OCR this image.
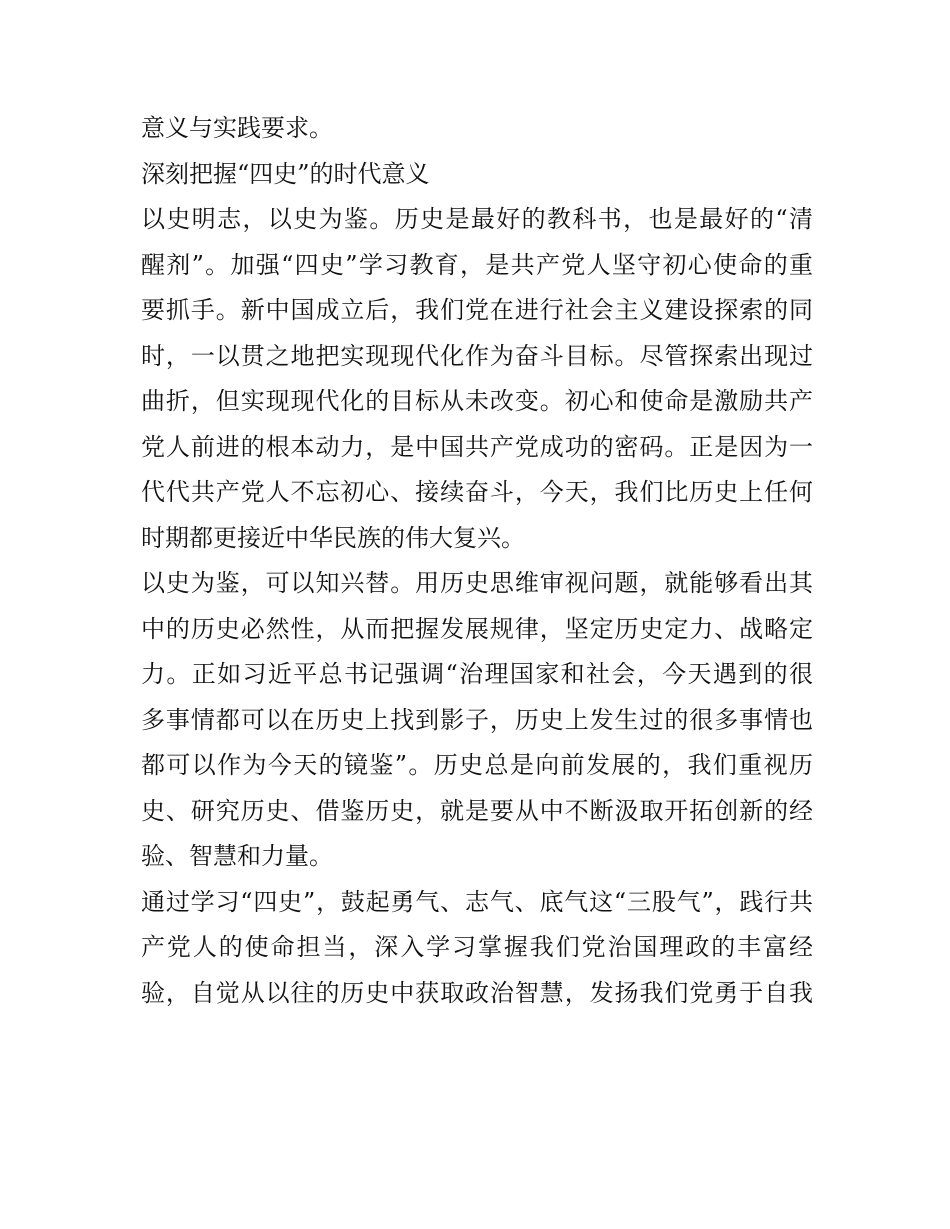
意义与实践要求。
深刻把握“四史”的时代意义
以史明志，以史为鉴。历史是最好的教科书，也是最好的“清
醒剂”。加强“四史”学习教育，是共产党人坚守初心使命的重
要抓手。新中国成立后，我们党在进行社会主义建设探索的同
时，一以贯之地把实现现代化作为奋斗目标。尽管探索出现过
曲折，但实现现代化的目标从未改变。初心和使命是激励共产
党人前进的根本动力，是中国共产党成功的密码。正是因为一
代代共产党人不忘初心、接续奋斗，今天，我们比历史上任何
时期都更接近中华民族的伟大复兴。
以史为鉴，可以知兴替。用历史思维审视问题，就能够看出其
中的历史必然性，从而把握发展规律，坚定历史定力、战略定
力。正如习近平总书记强调“治理国家和社会，今天遇到的很
多事情都可以在历史上找到影子，历史上发生过的很多事情也
都可以作为今天的镜鉴”。历史总是向前发展的，我们重视历
史、研究历史、借鉴历史，就是要从中不断汲取开拓创新的经
验、智慧和力量。
通过学习“四史”，鼓起勇气、志气、底气这“三股气”，践行共
产党人的使命担当，深入学习掌握我们党治国理政的丰富经
验，自觉从以往的历史中获取政治智慧，发扬我们党勇于自我
